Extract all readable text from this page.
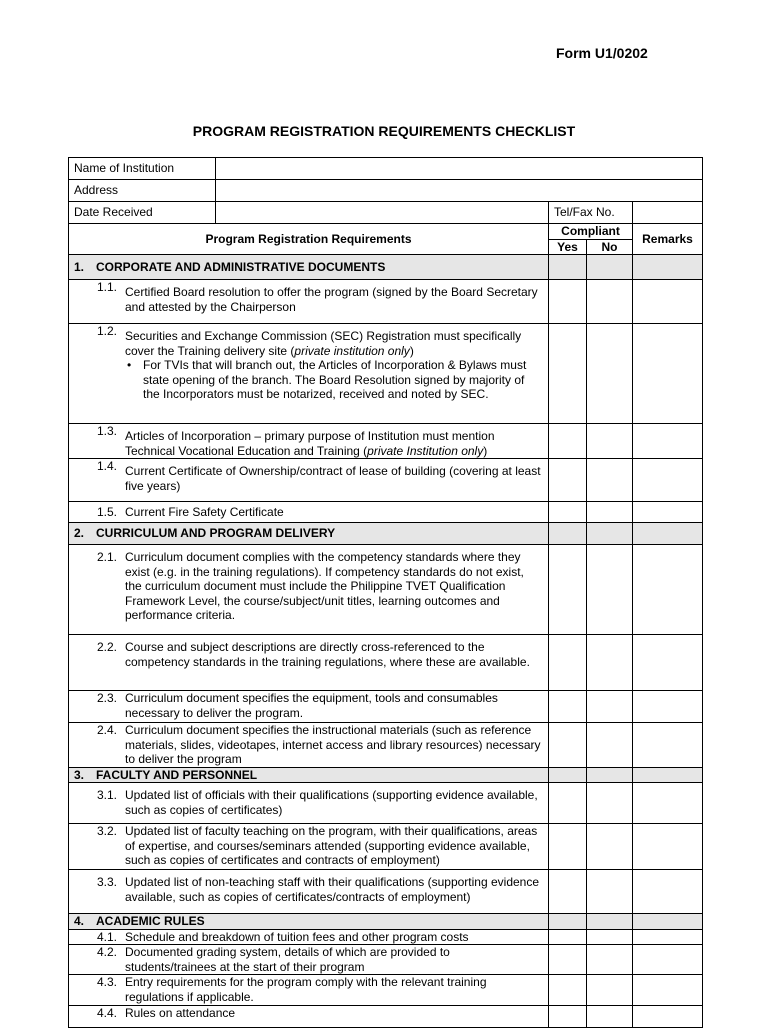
Form U1/0202
PROGRAM REGISTRATION REQUIREMENTS CHECKLIST
Name of Institution				
Address				
Date Received		Tel/Fax No.		
Program Registration Requirements		Compliant		Remarks
		Yes	No	
1. CORPORATE AND ADMINISTRATIVE DOCUMENTS				

1.1. Certified Board resolution to offer the program (signed by the Board Secretary and attested by the Chairperson				

1.2. Securities and Exchange Commission (SEC) Registration must specifically cover the Training delivery site (private institution only)
• For TVIs that will branch out, the Articles of Incorporation & Bylaws must state opening of the branch. The Board Resolution signed by majority of the Incorporators must be notarized, received and noted by SEC.				

1.3. Articles of Incorporation – primary purpose of Institution must mention Technical Vocational Education and Training (private Institution only)				

1.4. Current Certificate of Ownership/contract of lease of building (covering at least five years)				

1.5. Current Fire Safety Certificate				
2. CURRICULUM AND PROGRAM DELIVERY				

2.1. Curriculum document complies with the competency standards where they exist (e.g. in the training regulations). If competency standards do not exist, the curriculum document must include the Philippine TVET Qualification Framework Level, the course/subject/unit titles, learning outcomes and performance criteria.				

2.2. Course and subject descriptions are directly cross-referenced to the competency standards in the training regulations, where these are available.				

2.3. Curriculum document specifies the equipment, tools and consumables necessary to deliver the program.				

2.4. Curriculum document specifies the instructional materials (such as reference materials, slides, videotapes, internet access and library resources) necessary to deliver the program				
3. FACULTY AND PERSONNEL				

3.1. Updated list of officials with their qualifications (supporting evidence available, such as copies of certificates)				

3.2. Updated list of faculty teaching on the program, with their qualifications, areas of expertise, and courses/seminars attended (supporting evidence available, such as copies of certificates and contracts of employment)				

3.3. Updated list of non-teaching staff with their qualifications (supporting evidence available, such as copies of certificates/contracts of employment)				
4. ACADEMIC RULES				

4.1. Schedule and breakdown of tuition fees and other program costs				

4.2. Documented grading system, details of which are provided to students/trainees at the start of their program				

4.3. Entry requirements for the program comply with the relevant training regulations if applicable.				

4.4. Rules on attendance				
